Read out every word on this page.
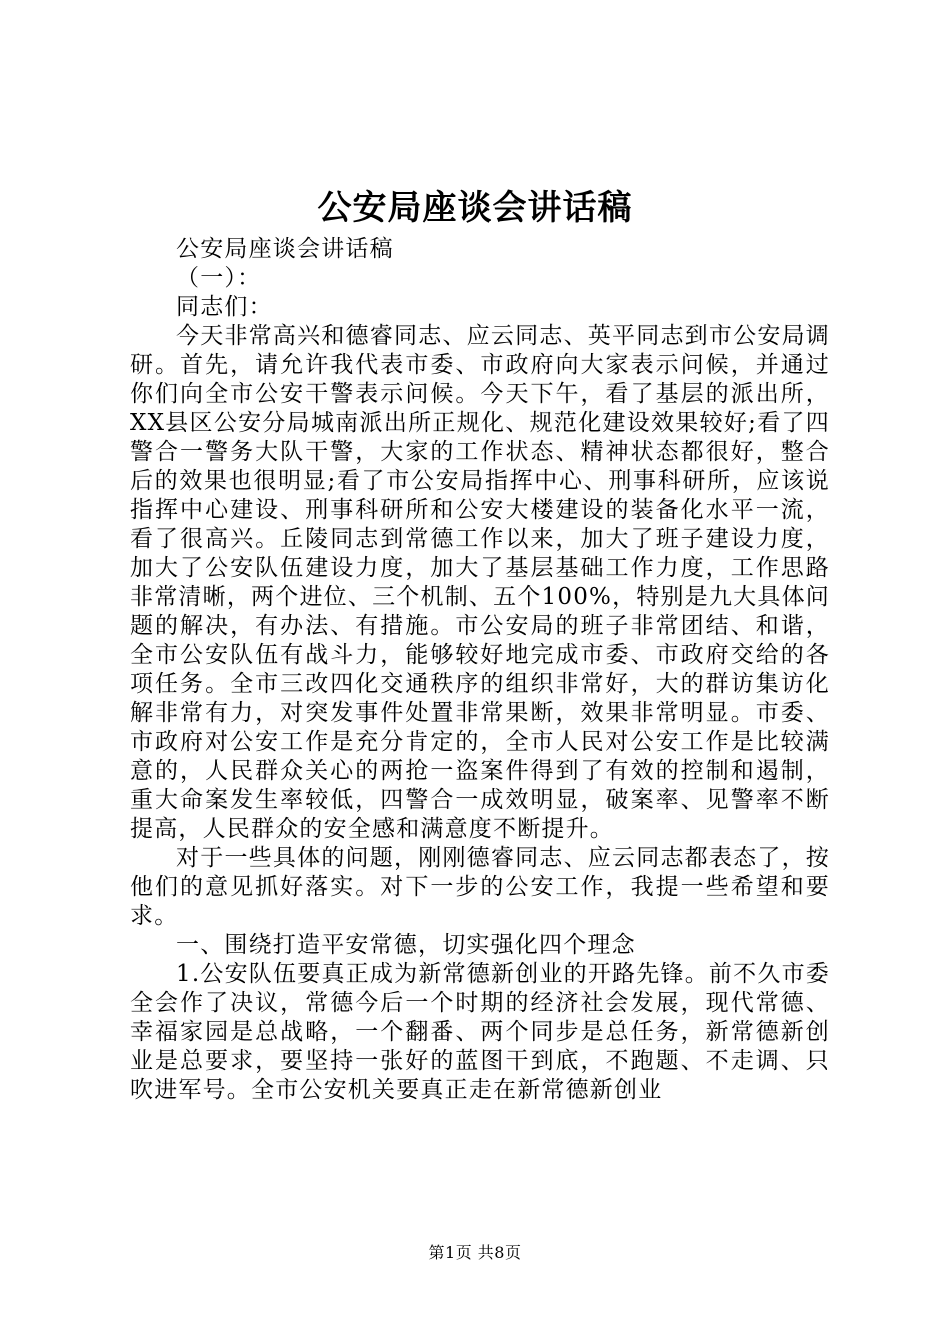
公安局座谈会讲话稿

公安局座谈会讲话稿

（一）：

同志们：

今天非常高兴和德睿同志、应云同志、英平同志到市公安局调研。首先，请允许我代表市委、市政府向大家表示问候，并通过你们向全市公安干警表示问候。今天下午，看了基层的派出所，XX县区公安分局城南派出所正规化、规范化建设效果较好;看了四警合一警务大队干警，大家的工作状态、精神状态都很好，整合后的效果也很明显;看了市公安局指挥中心、刑事科研所，应该说指挥中心建设、刑事科研所和公安大楼建设的装备化水平一流，看了很高兴。丘陵同志到常德工作以来，加大了班子建设力度，加大了公安队伍建设力度，加大了基层基础工作力度，工作思路非常清晰，两个进位、三个机制、五个100%，特别是九大具体问题的解决，有办法、有措施。市公安局的班子非常团结、和谐，全市公安队伍有战斗力，能够较好地完成市委、市政府交给的各项任务。全市三改四化交通秩序的组织非常好，大的群访集访化解非常有力，对突发事件处置非常果断，效果非常明显。市委、市政府对公安工作是充分肯定的，全市人民对公安工作是比较满意的，人民群众关心的两抢一盗案件得到了有效的控制和遏制，重大命案发生率较低，四警合一成效明显，破案率、见警率不断提高，人民群众的安全感和满意度不断提升。

对于一些具体的问题，刚刚德睿同志、应云同志都表态了，按他们的意见抓好落实。对下一步的公安工作，我提一些希望和要求。

一、围绕打造平安常德，切实强化四个理念

1.公安队伍要真正成为新常德新创业的开路先锋。前不久市委全会作了决议，常德今后一个时期的经济社会发展，现代常德、幸福家园是总战略，一个翻番、两个同步是总任务，新常德新创业是总要求，要坚持一张好的蓝图干到底，不跑题、不走调、只吹进军号。全市公安机关要真正走在新常德新创业

第1页 共8页
